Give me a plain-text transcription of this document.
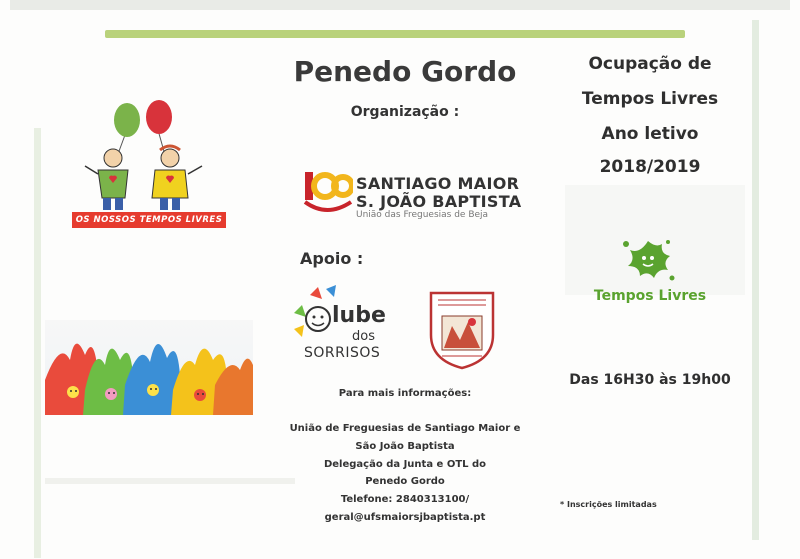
OS NOSSOS TEMPOS LIVRES
Penedo Gordo
Organização :
SANTIAGO MAIOR
S. JOÃO BAPTISTA
União das Freguesias de Beja
Apoio :
lube
dos
SORRISOS
Para mais informações:
União de Freguesias de Santiago Maior e
São João Baptista
Delegação da Junta e OTL do
Penedo Gordo
Telefone: 2840313100/
geral@ufsmaiorsjbaptista.pt
Ocupação de
Tempos Livres
Ano letivo
2018/2019
Tempos Livres
Das 16H30 às 19h00
* Inscrições limitadas
